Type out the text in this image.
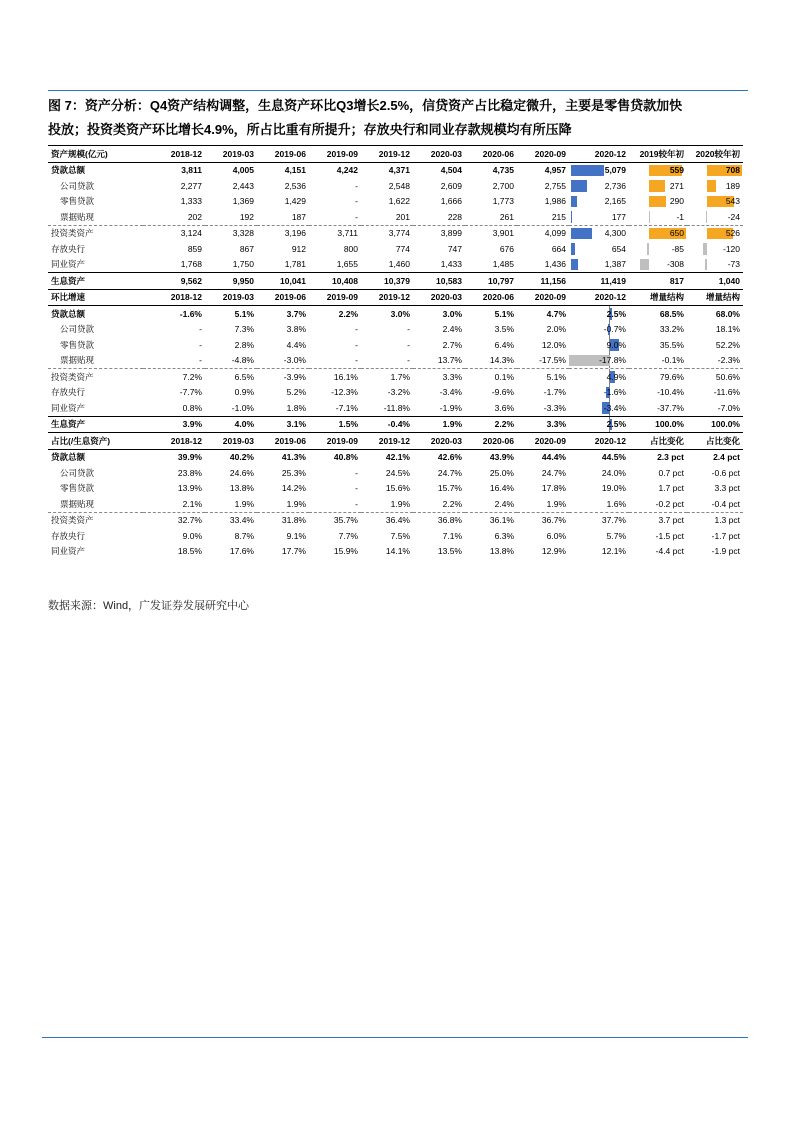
图 7：资产分析：Q4资产结构调整，生息资产环比Q3增长2.5%，信贷资产占比稳定微升，主要是零售贷款加快
投放；投资类资产环比增长4.9%，所占比重有所提升；存放央行和同业存款规模均有所压降
资产规模(亿元)	2018-12	2019-03	2019-06	2019-09	2019-12	2020-03	2020-06	2020-09	2020-12	2019较年初	2020较年初
贷款总额	3,811	4,005	4,151	4,242	4,371	4,504	4,735	4,957	5,079	559	708
公司贷款	2,277	2,443	2,536	-	2,548	2,609	2,700	2,755	2,736	271	189
零售贷款	1,333	1,369	1,429	-	1,622	1,666	1,773	1,986	2,165	290	543
票据贴现	202	192	187	-	201	228	261	215	177	-1	-24
投资类资产	3,124	3,328	3,196	3,711	3,774	3,899	3,901	4,099	4,300	650	526
存放央行	859	867	912	800	774	747	676	664	654	-85	-120
同业资产	1,768	1,750	1,781	1,655	1,460	1,433	1,485	1,436	1,387	-308	-73
生息资产	9,562	9,950	10,041	10,408	10,379	10,583	10,797	11,156	11,419	817	1,040
环比增速	2018-12	2019-03	2019-06	2019-09	2019-12	2020-03	2020-06	2020-09	2020-12	增量结构	增量结构
贷款总额	-1.6%	5.1%	3.7%	2.2%	3.0%	3.0%	5.1%	4.7%	2.5%	68.5%	68.0%
公司贷款	-	7.3%	3.8%	-	-	2.4%	3.5%	2.0%	-0.7%	33.2%	18.1%
零售贷款	-	2.8%	4.4%	-	-	2.7%	6.4%	12.0%	9.0%	35.5%	52.2%
票据贴现	-	-4.8%	-3.0%	-	-	13.7%	14.3%	-17.5%	-17.8%	-0.1%	-2.3%
投资类资产	7.2%	6.5%	-3.9%	16.1%	1.7%	3.3%	0.1%	5.1%	4.9%	79.6%	50.6%
存放央行	-7.7%	0.9%	5.2%	-12.3%	-3.2%	-3.4%	-9.6%	-1.7%	-1.6%	-10.4%	-11.6%
同业资产	0.8%	-1.0%	1.8%	-7.1%	-11.8%	-1.9%	3.6%	-3.3%	-3.4%	-37.7%	-7.0%
生息资产	3.9%	4.0%	3.1%	1.5%	-0.4%	1.9%	2.2%	3.3%	2.5%	100.0%	100.0%
占比(/生息资产)	2018-12	2019-03	2019-06	2019-09	2019-12	2020-03	2020-06	2020-09	2020-12	占比变化	占比变化
贷款总额	39.9%	40.2%	41.3%	40.8%	42.1%	42.6%	43.9%	44.4%	44.5%	2.3 pct	2.4 pct
公司贷款	23.8%	24.6%	25.3%	-	24.5%	24.7%	25.0%	24.7%	24.0%	0.7 pct	-0.6 pct
零售贷款	13.9%	13.8%	14.2%	-	15.6%	15.7%	16.4%	17.8%	19.0%	1.7 pct	3.3 pct
票据贴现	2.1%	1.9%	1.9%	-	1.9%	2.2%	2.4%	1.9%	1.6%	-0.2 pct	-0.4 pct
投资类资产	32.7%	33.4%	31.8%	35.7%	36.4%	36.8%	36.1%	36.7%	37.7%	3.7 pct	1.3 pct
存放央行	9.0%	8.7%	9.1%	7.7%	7.5%	7.1%	6.3%	6.0%	5.7%	-1.5 pct	-1.7 pct
同业资产	18.5%	17.6%	17.7%	15.9%	14.1%	13.5%	13.8%	12.9%	12.1%	-4.4 pct	-1.9 pct
数据来源：Wind，广发证券发展研究中心
